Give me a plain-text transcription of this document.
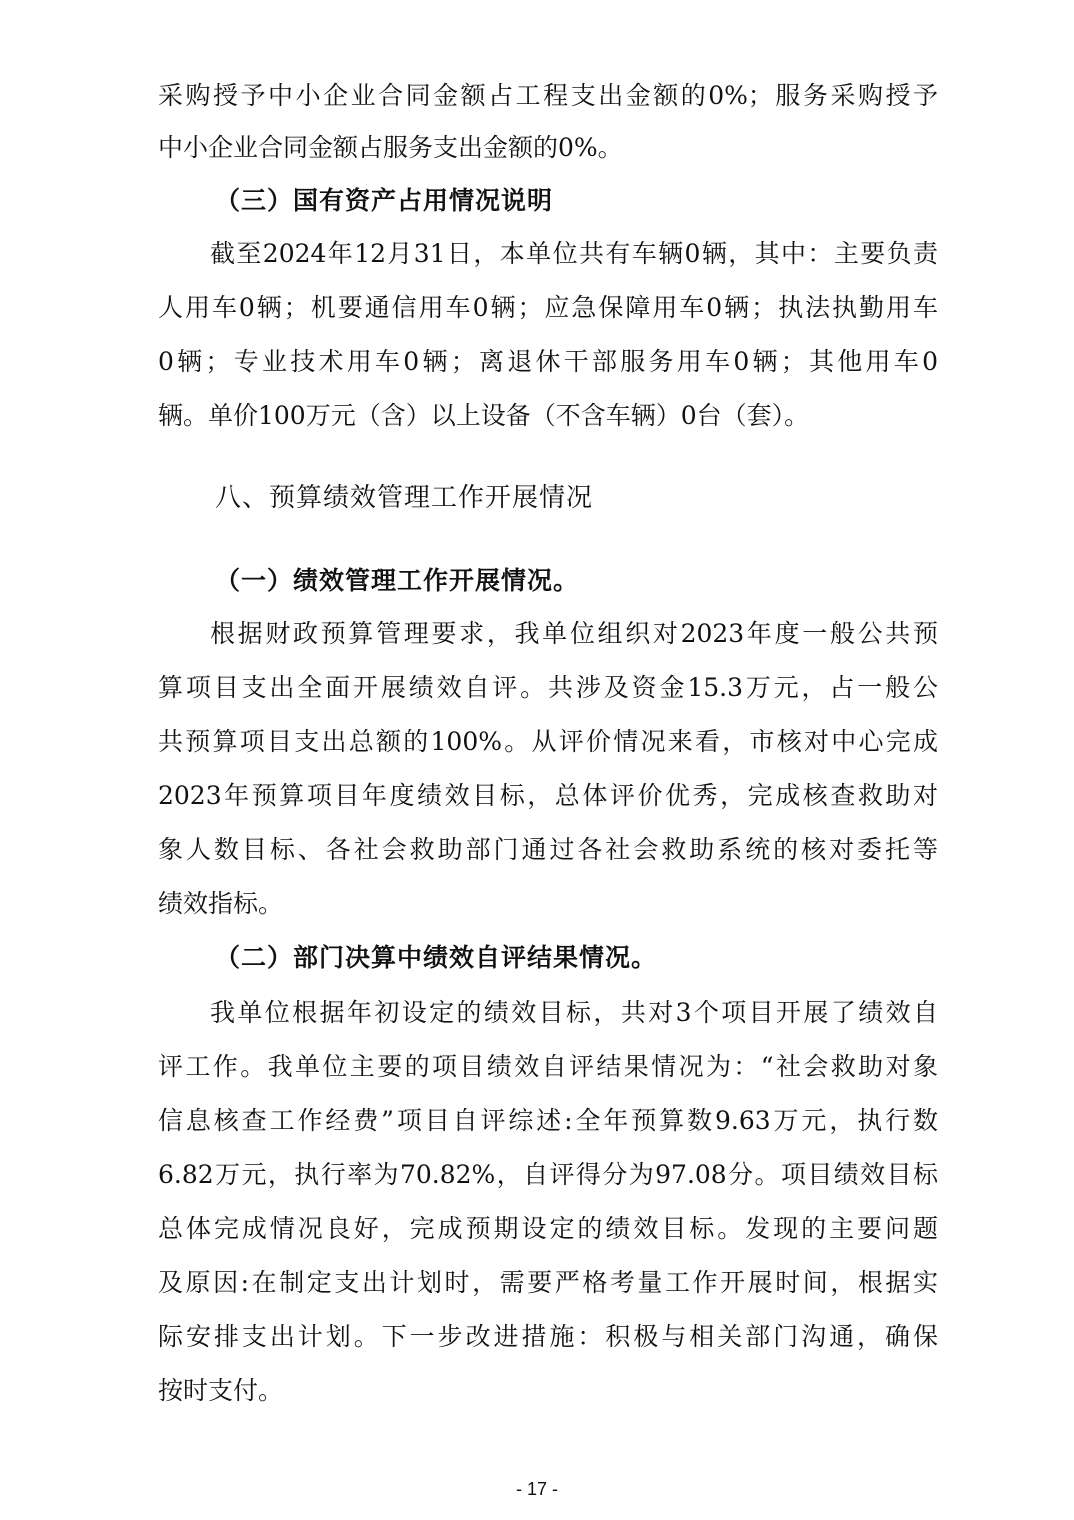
采购授予中小企业合同金额占工程支出金额的0%；服务采购授予
中小企业合同金额占服务支出金额的0%。
（三）国有资产占用情况说明
截至2024年12月31日，本单位共有车辆0辆，其中：主要负责
人用车0辆；机要通信用车0辆；应急保障用车0辆；执法执勤用车
0辆；专业技术用车0辆；离退休干部服务用车0辆；其他用车0
辆。单价100万元（含）以上设备（不含车辆）0台（套）。
八、预算绩效管理工作开展情况
（一）绩效管理工作开展情况。
根据财政预算管理要求，我单位组织对2023年度一般公共预
算项目支出全面开展绩效自评。共涉及资金15.3万元，占一般公
共预算项目支出总额的100%。从评价情况来看，市核对中心完成
2023年预算项目年度绩效目标，总体评价优秀，完成核查救助对
象人数目标、各社会救助部门通过各社会救助系统的核对委托等
绩效指标。
（二）部门决算中绩效自评结果情况。
我单位根据年初设定的绩效目标，共对3个项目开展了绩效自
评工作。我单位主要的项目绩效自评结果情况为：“社会救助对象
信息核查工作经费”项目自评综述:全年预算数9.63万元，执行数
6.82万元，执行率为70.82%，自评得分为97.08分。项目绩效目标
总体完成情况良好，完成预期设定的绩效目标。发现的主要问题
及原因:在制定支出计划时，需要严格考量工作开展时间，根据实
际安排支出计划。下一步改进措施：积极与相关部门沟通，确保
按时支付。
- 17 -
